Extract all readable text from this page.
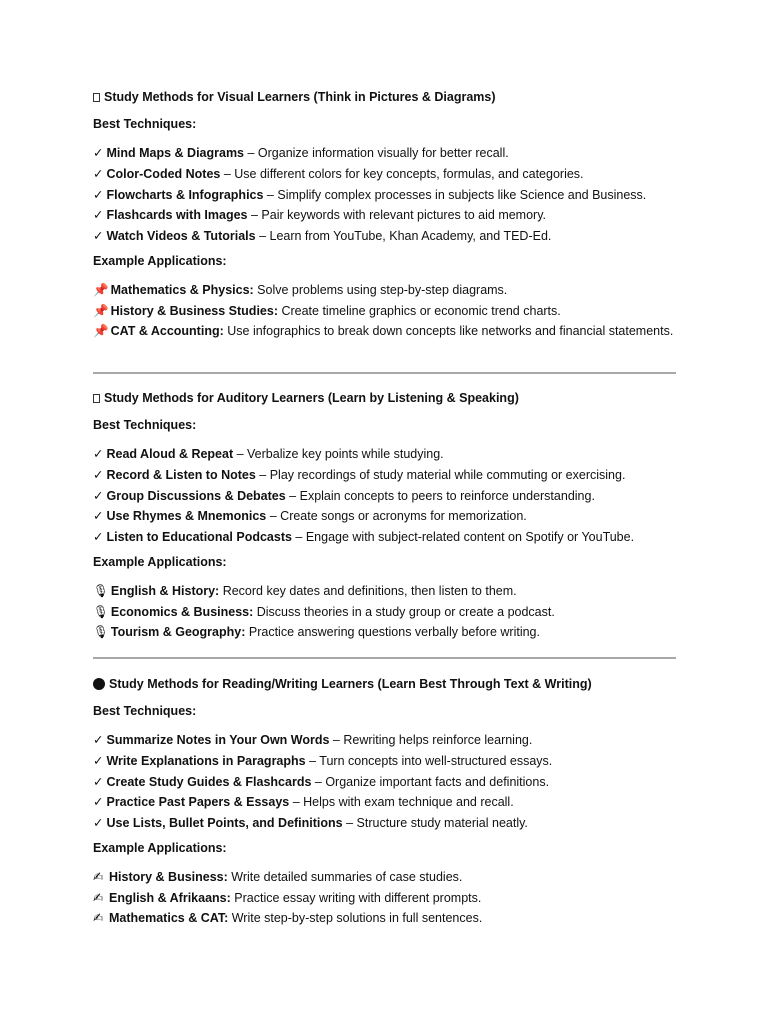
Study Methods for Visual Learners (Think in Pictures & Diagrams)

Best Techniques:

✓ Mind Maps & Diagrams – Organize information visually for better recall.
✓ Color-Coded Notes – Use different colors for key concepts, formulas, and categories.
✓ Flowcharts & Infographics – Simplify complex processes in subjects like Science and Business.
✓ Flashcards with Images – Pair keywords with relevant pictures to aid memory.
✓ Watch Videos & Tutorials – Learn from YouTube, Khan Academy, and TED-Ed.

Example Applications:

📌 Mathematics & Physics: Solve problems using step-by-step diagrams.
📌 History & Business Studies: Create timeline graphics or economic trend charts.
📌 CAT & Accounting: Use infographics to break down concepts like networks and financial statements.

Study Methods for Auditory Learners (Learn by Listening & Speaking)

Best Techniques:

✓ Read Aloud & Repeat – Verbalize key points while studying.
✓ Record & Listen to Notes – Play recordings of study material while commuting or exercising.
✓ Group Discussions & Debates – Explain concepts to peers to reinforce understanding.
✓ Use Rhymes & Mnemonics – Create songs or acronyms for memorization.
✓ Listen to Educational Podcasts – Engage with subject-related content on Spotify or YouTube.

Example Applications:

🎙 English & History: Record key dates and definitions, then listen to them.
🎙 Economics & Business: Discuss theories in a study group or create a podcast.
🎙 Tourism & Geography: Practice answering questions verbally before writing.

Study Methods for Reading/Writing Learners (Learn Best Through Text & Writing)

Best Techniques:

✓ Summarize Notes in Your Own Words – Rewriting helps reinforce learning.
✓ Write Explanations in Paragraphs – Turn concepts into well-structured essays.
✓ Create Study Guides & Flashcards – Organize important facts and definitions.
✓ Practice Past Papers & Essays – Helps with exam technique and recall.
✓ Use Lists, Bullet Points, and Definitions – Structure study material neatly.

Example Applications:

✍ History & Business: Write detailed summaries of case studies.
✍ English & Afrikaans: Practice essay writing with different prompts.
✍ Mathematics & CAT: Write step-by-step solutions in full sentences.
